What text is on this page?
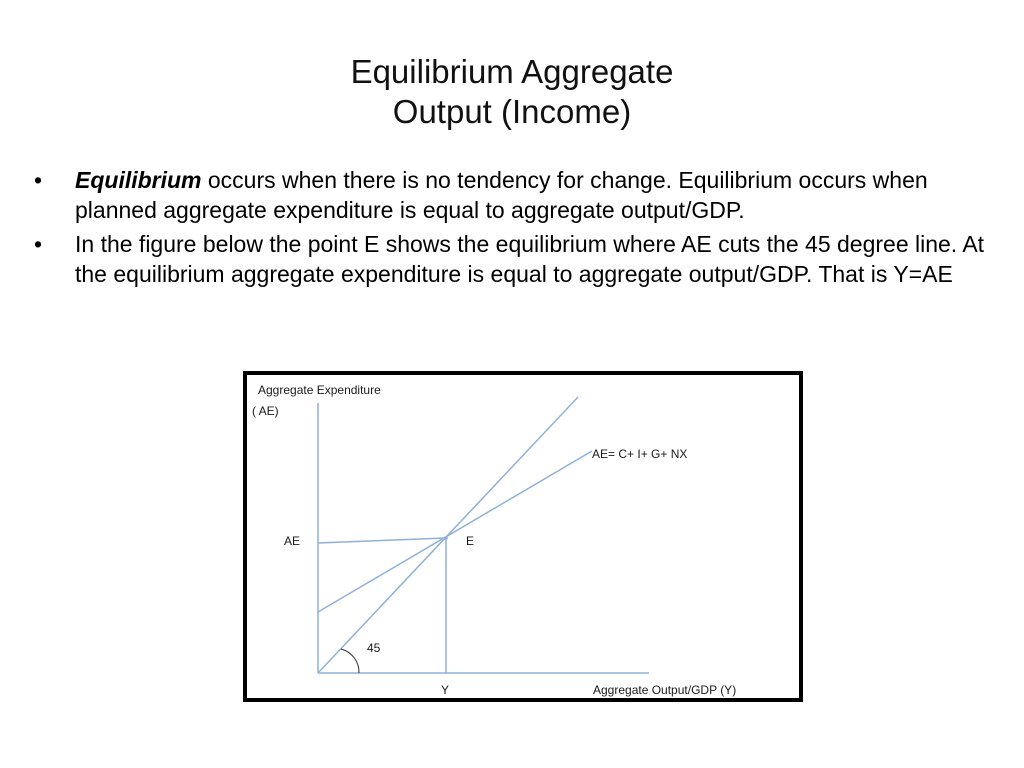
Equilibrium Aggregate
Output (Income)
• Equilibrium occurs when there is no tendency for change. Equilibrium occurs when planned aggregate expenditure is equal to aggregate output/GDP.
• In the figure below the point E shows the equilibrium where AE cuts the 45 degree line. At the equilibrium aggregate expenditure is equal to aggregate output/GDP. That is Y=AE
Aggregate Expenditure
( AE)
AE= C+ I+ G+ NX
AE	E
45
Y	Aggregate Output/GDP (Y)
